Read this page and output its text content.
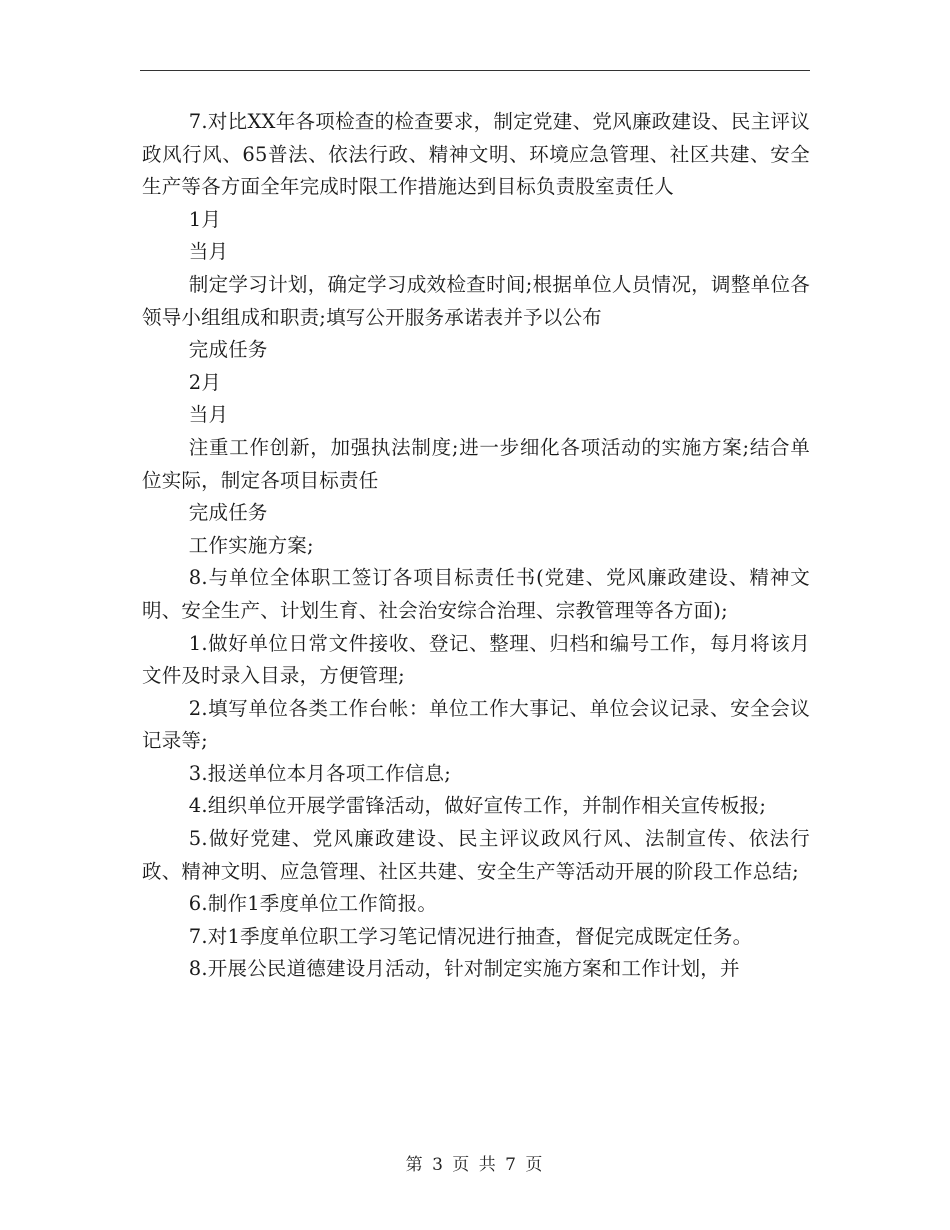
7.对比XX年各项检查的检查要求，制定党建、党风廉政建设、民主评议政风行风、65普法、依法行政、精神文明、环境应急管理、社区共建、安全生产等各方面全年完成时限工作措施达到目标负责股室责任人

1月

当月

制定学习计划，确定学习成效检查时间;根据单位人员情况，调整单位各领导小组组成和职责;填写公开服务承诺表并予以公布

完成任务

2月

当月

注重工作创新，加强执法制度;进一步细化各项活动的实施方案;结合单位实际，制定各项目标责任

完成任务

工作实施方案;

8.与单位全体职工签订各项目标责任书(党建、党风廉政建设、精神文明、安全生产、计划生育、社会治安综合治理、宗教管理等各方面);

1.做好单位日常文件接收、登记、整理、归档和编号工作，每月将该月文件及时录入目录，方便管理;

2.填写单位各类工作台帐：单位工作大事记、单位会议记录、安全会议记录等;

3.报送单位本月各项工作信息;

4.组织单位开展学雷锋活动，做好宣传工作，并制作相关宣传板报;

5.做好党建、党风廉政建设、民主评议政风行风、法制宣传、依法行政、精神文明、应急管理、社区共建、安全生产等活动开展的阶段工作总结;

6.制作1季度单位工作简报。

7.对1季度单位职工学习笔记情况进行抽查，督促完成既定任务。

8.开展公民道德建设月活动，针对制定实施方案和工作计划，并

第 3 页 共 7 页
